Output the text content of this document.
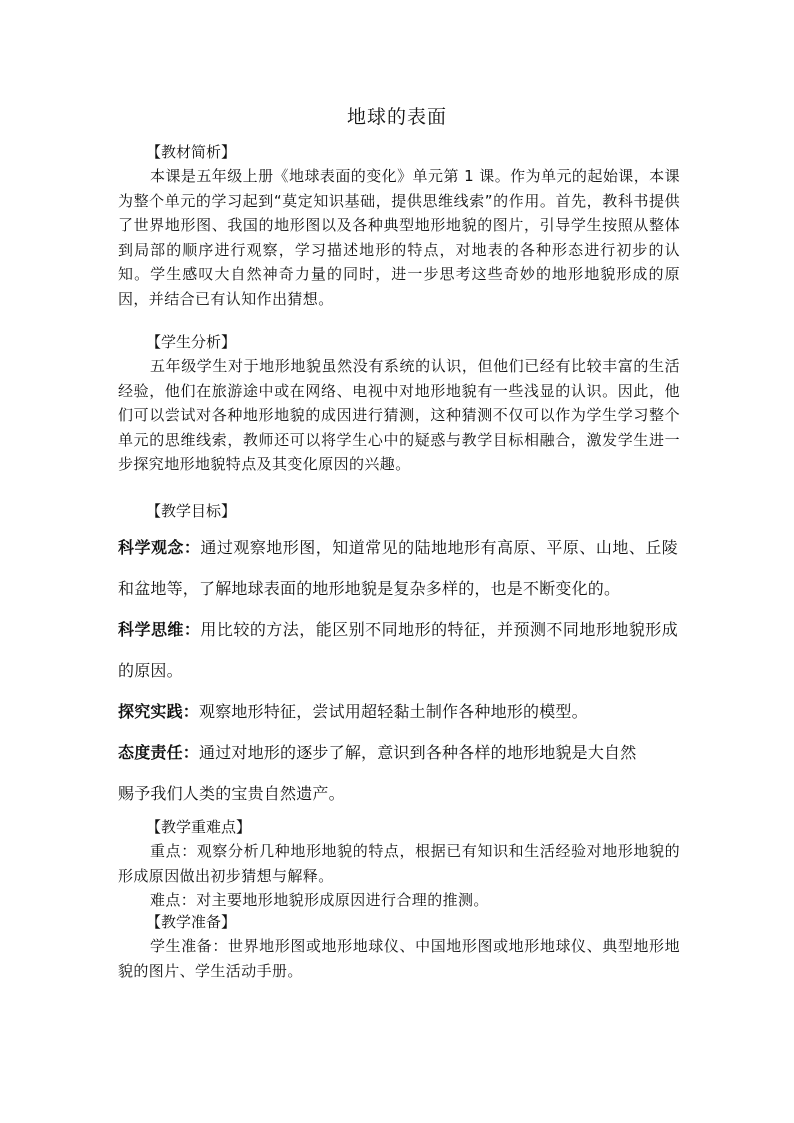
地球的表面
【教材简析】

本课是五年级上册《地球表面的变化》单元第 1 课。作为单元的起始课，本课为整个单元的学习起到“莫定知识基础，提供思维线索”的作用。首先，教科书提供了世界地形图、我国的地形图以及各种典型地形地貌的图片，引导学生按照从整体到局部的顺序进行观察，学习描述地形的特点，对地表的各种形态进行初步的认知。学生感叹大自然神奇力量的同时，进一步思考这些奇妙的地形地貌形成的原因，并结合已有认知作出猜想。

【学生分析】

五年级学生对于地形地貌虽然没有系统的认识，但他们已经有比较丰富的生活经验，他们在旅游途中或在网络、电视中对地形地貌有一些浅显的认识。因此，他们可以尝试对各种地形地貌的成因进行猜测，这种猜测不仅可以作为学生学习整个单元的思维线索，教师还可以将学生心中的疑惑与教学目标相融合，激发学生进一步探究地形地貌特点及其变化原因的兴趣。

【教学目标】
科学观念：通过观察地形图，知道常见的陆地地形有高原、平原、山地、丘陵和盆地等，了解地球表面的地形地貌是复杂多样的，也是不断变化的。
科学思维：用比较的方法，能区别不同地形的特征，并预测不同地形地貌形成的原因。
探究实践：观察地形特征，尝试用超轻黏土制作各种地形的模型。
态度责任：通过对地形的逐步了解，意识到各种各样的地形地貌是大自然
赐予我们人类的宝贵自然遗产。
【教学重难点】

重点：观察分析几种地形地貌的特点，根据已有知识和生活经验对地形地貌的形成原因做出初步猜想与解释。

难点：对主要地形地貌形成原因进行合理的推测。
【教学准备】

学生准备：世界地形图或地形地球仪、中国地形图或地形地球仪、典型地形地貌的图片、学生活动手册。
